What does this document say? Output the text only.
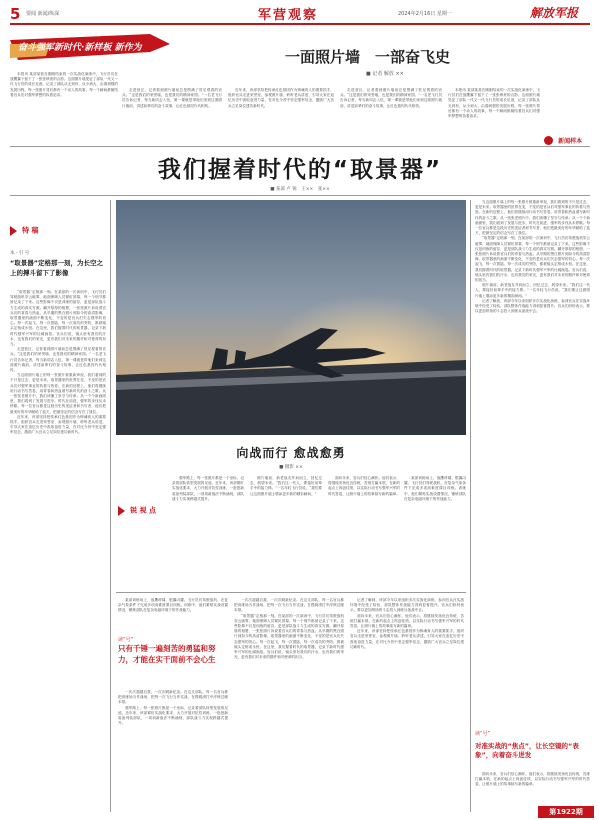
5 要闻 新闻/纵深	军营观察	2024年2月16日 星期一	解放军报
一面照片墙　一部奋飞史
■ 记者 解放 ××
奋斗强军新时代·新样板 新作为

本报讯 某部某营在刚刚结束的一次实战化演练中，飞行员们在战鹰翼下留下了一张张珍贵的合影。这面照片墙见证了部队一代又一代飞行员的成长足迹，记录了部队从无到有、从小到大、由弱到强的发展历程。每一张照片背后都有一个动人的故事，每一个瞬间都凝结着官兵们对强军梦想的执着追求。

走进营区，记者看到照片墙前总是围满了驻足观看的官兵。“这是我们的荣誉墙，也是我们的精神家园。”一名老飞行员告诉记者，每当新同志入伍，第一课就是带他们来到这面照片墙前，讲述前辈们的奋斗故事，让红色基因代代相传。

近年来，该部坚持把传承红色基因作为铸魂育人的重要抓手，组织官兵走进荣誉室、参观照片墙、聆听老兵讲述，引导大家在追忆历史中汲取奋进力量，在对比今昔中坚定强军信念，激励广大官兵立足岗位建功新时代。

走进营区，记者看到照片墙前总是围满了驻足观看的官兵。“这是我们的荣誉墙，也是我们的精神家园。”一名老飞行员告诉记者，每当新同志入伍，第一课就是带他们来到这面照片墙前，讲述前辈们的奋斗故事，让红色基因代代相传。

本报讯 某部某营在刚刚结束的一次实战化演练中，飞行员们在战鹰翼下留下了一张张珍贵的合影。这面照片墙见证了部队一代又一代飞行员的成长足迹，记录了部队从无到有、从小到大、由弱到强的发展历程。每一张照片背后都有一个动人的故事，每一个瞬间都凝结着官兵们对强军梦想的执着追求。

新闻样本
我们握着时代的“取景器”
■ 某部 卢 锐　王××　张××
特 稿
本 · 引 号
“取景器”定格那一刻，为长空之上的搏斗留下了影像

“取景器”定格那一刻。在某部的一次演训中，飞行员们驾驶战机穿云破雾，地面保障人员紧盯屏幕，每一个细节都被记录了下来。这些影像不仅是训练的留存，更是部队战斗力生成的真实写照。翻开厚厚的相册，一张张照片诉说着官兵们的青春与热血。从早期的黑白照片到如今的高清影像，取景器里的画面不断变化，不变的是官兵们矢志强军的初心。每一次起飞，每一次着陆，每一次成功的突防，都被镜头定格成永恒。在这里，我们握着时代的取景器，记录下新时代强军兴军的壮阔画卷。官兵们说，镜头里有我们的汗水，也有我们的荣光，更有我们对未来的期许和对使命的担当。

走进营区，记者看到照片墙前总是围满了驻足观看的官兵。“这是我们的荣誉墙，也是我们的精神家园。”一名老飞行员告诉记者，每当新同志入伍，第一课就是带他们来到这面照片墙前，讲述前辈们的奋斗故事，让红色基因代代相传。

当这面照片墙上的每一张照片被重新审视，我们看到的不只是过去，更是未来。取景器里的世界在变，不变的是官兵们对强军事业的执着与热爱。在新的征程上，他们将继续用行动书写答卷，用青春和热血谱写新时代的奋斗之歌。从一张张老照片中，我们读懂了坚守与传承；从一个个新画面里，我们看到了发展与进步。时代在前进，强军的步伐从未停歇。每一位官兵都是这段历史的见证者和书写者，他们把最美好的年华献给了蓝天，把最坚定的信念写在了战位。

近年来，该部坚持把传承红色基因作为铸魂育人的重要抓手，组织官兵走进荣誉室、参观照片墙、聆听老兵讲述，引导大家在追忆历史中汲取奋进力量，在对比今昔中坚定强军信念，激励广大官兵立足岗位建功新时代。

向战而行 愈战愈勇
■ 摄影 ××
锐 视 点

强军路上，每一张照片都是一个坐标，记录着部队转型发展的足迹。近年来，该部紧盯实战化要求，大力开展对抗性训练，一批批新装备列装部队，一项项新战法不断涌现，部队战斗力实现跨越式提升。

照片墙前，新老战友并肩而立，回忆过去，展望未来。“我们这一代人，要接好前辈手中的接力棒。”一名年轻飞行员说，“我们要让这面照片墙上增添更多新的精彩瞬间。”

面向未来，官兵们信心满怀。他们表示，将继续发扬优良传统，苦练打赢本领，在新的起点上再创佳绩，以实际行动书写强军兴军的时代答卷，让照片墙上的故事续写新的篇章。

某部训练场上，战鹰呼啸，银翼闪耀。飞行员们驾驶战机，在复杂气象条件下完成多项高难度课目训练。训练中，他们紧贴实战设置情况，锤炼部队在复杂电磁环境下的作战能力。

某部训练场上，战鹰呼啸，银翼闪耀。飞行员们驾驶战机，在复杂气象条件下完成多项高难度课目训练。训练中，他们紧贴实战设置情况，锤炼部队在复杂电磁环境下的作战能力。

读“号”
只有千锤一遍刻苦的勇猛和努力，才能在实干面前不会心生

一次次超越自我，一次次刷新纪录。在这支部队，每一名官兵都把训练场当作战场，把每一次飞行当作实战，在摸爬滚打中淬炼过硬本领。

强军路上，每一张照片都是一个坐标，记录着部队转型发展的足迹。近年来，该部紧盯实战化要求，大力开展对抗性训练，一批批新装备列装部队，一项项新战法不断涌现，部队战斗力实现跨越式提升。

一次次超越自我，一次次刷新纪录。在这支部队，每一名官兵都把训练场当作战场，把每一次飞行当作实战，在摸爬滚打中淬炼过硬本领。

“取景器”定格那一刻。在某部的一次演训中，飞行员们驾驶战机穿云破雾，地面保障人员紧盯屏幕，每一个细节都被记录了下来。这些影像不仅是训练的留存，更是部队战斗力生成的真实写照。翻开厚厚的相册，一张张照片诉说着官兵们的青春与热血。从早期的黑白照片到如今的高清影像，取景器里的画面不断变化，不变的是官兵们矢志强军的初心。每一次起飞，每一次着陆，每一次成功的突防，都被镜头定格成永恒。在这里，我们握着时代的取景器，记录下新时代强军兴军的壮阔画卷。官兵们说，镜头里有我们的汗水，也有我们的荣光，更有我们对未来的期许和对使命的担当。

记者了解到，该部今年以来组织多次实战化演练，参训官兵在实战环境中经受了检验，部队整体作战能力得到显著提升。官兵们纷纷表示，要以更加昂扬的斗志投入到练兵备战中去。

面向未来，官兵们信心满怀。他们表示，将继续发扬优良传统，苦练打赢本领，在新的起点上再创佳绩，以实际行动书写强军兴军的时代答卷，让照片墙上的故事续写新的篇章。

近年来，该部坚持把传承红色基因作为铸魂育人的重要抓手，组织官兵走进荣誉室、参观照片墙、聆听老兵讲述，引导大家在追忆历史中汲取奋进力量，在对比今昔中坚定强军信念，激励广大官兵立足岗位建功新时代。

当这面照片墙上的每一张照片被重新审视，我们看到的不只是过去，更是未来。取景器里的世界在变，不变的是官兵们对强军事业的执着与热爱。在新的征程上，他们将继续用行动书写答卷，用青春和热血谱写新时代的奋斗之歌。从一张张老照片中，我们读懂了坚守与传承；从一个个新画面里，我们看到了发展与进步。时代在前进，强军的步伐从未停歇。每一位官兵都是这段历史的见证者和书写者，他们把最美好的年华献给了蓝天，把最坚定的信念写在了战位。

“取景器”定格那一刻。在某部的一次演训中，飞行员们驾驶战机穿云破雾，地面保障人员紧盯屏幕，每一个细节都被记录了下来。这些影像不仅是训练的留存，更是部队战斗力生成的真实写照。翻开厚厚的相册，一张张照片诉说着官兵们的青春与热血。从早期的黑白照片到如今的高清影像，取景器里的画面不断变化，不变的是官兵们矢志强军的初心。每一次起飞，每一次着陆，每一次成功的突防，都被镜头定格成永恒。在这里，我们握着时代的取景器，记录下新时代强军兴军的壮阔画卷。官兵们说，镜头里有我们的汗水，也有我们的荣光，更有我们对未来的期许和对使命的担当。

照片墙前，新老战友并肩而立，回忆过去，展望未来。“我们这一代人，要接好前辈手中的接力棒。”一名年轻飞行员说，“我们要让这面照片墙上增添更多新的精彩瞬间。”

记者了解到，该部今年以来组织多次实战化演练，参训官兵在实战环境中经受了检验，部队整体作战能力得到显著提升。官兵们纷纷表示，要以更加昂扬的斗志投入到练兵备战中去。

读“号”
对准实战的“焦点”，让长空镜的“表象”，向着奋斗进发

面向未来，官兵们信心满怀。他们表示，将继续发扬优良传统，苦练打赢本领，在新的起点上再创佳绩，以实际行动书写强军兴军的时代答卷，让照片墙上的故事续写新的篇章。

第1922期
